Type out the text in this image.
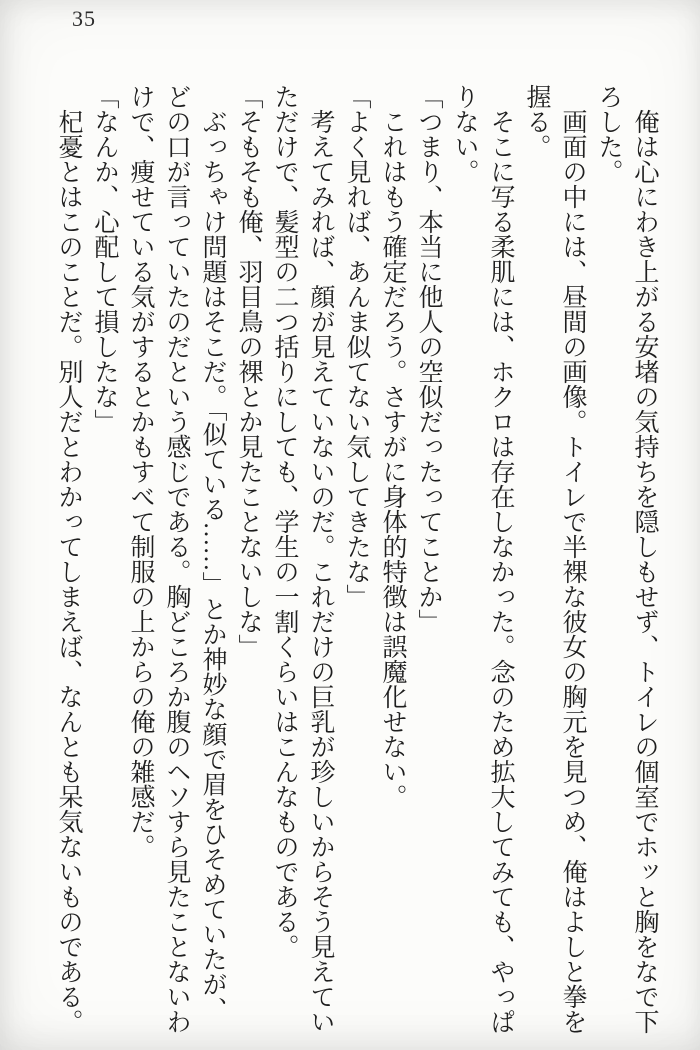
35
　俺は心にわき上がる安堵の気持ちを隠しもせず、トイレの個室でホッと胸をなで下
ろした。
　画面の中には、昼間の画像。トイレで半裸な彼女の胸元を見つめ、俺はよしと拳を
握る。
　そこに写る柔肌には、ホクロは存在しなかった。念のため拡大してみても、やっぱ
りない。
「つまり、本当に他人の空似だったってことか」
　これはもう確定だろう。さすがに身体的特徴は誤魔化せない。
「よく見れば、あんま似てない気してきたな」
　考えてみれば、顔が見えていないのだ。これだけの巨乳が珍しいからそう見えてい
ただけで、髪型の二つ括りにしても、学生の一割くらいはこんなものである。
「そもそも俺、羽目鳥の裸とか見たことないしな」
　ぶっちゃけ問題はそこだ。「似ている……」とか神妙な顔で眉をひそめていたが、
どの口が言っていたのだという感じである。胸どころか腹のヘソすら見たことないわ
けで、痩せている気がするとかもすべて制服の上からの俺の雑感だ。
「なんか、心配して損したな」
　杞憂とはこのことだ。別人だとわかってしまえば、なんとも呆気ないものである。
